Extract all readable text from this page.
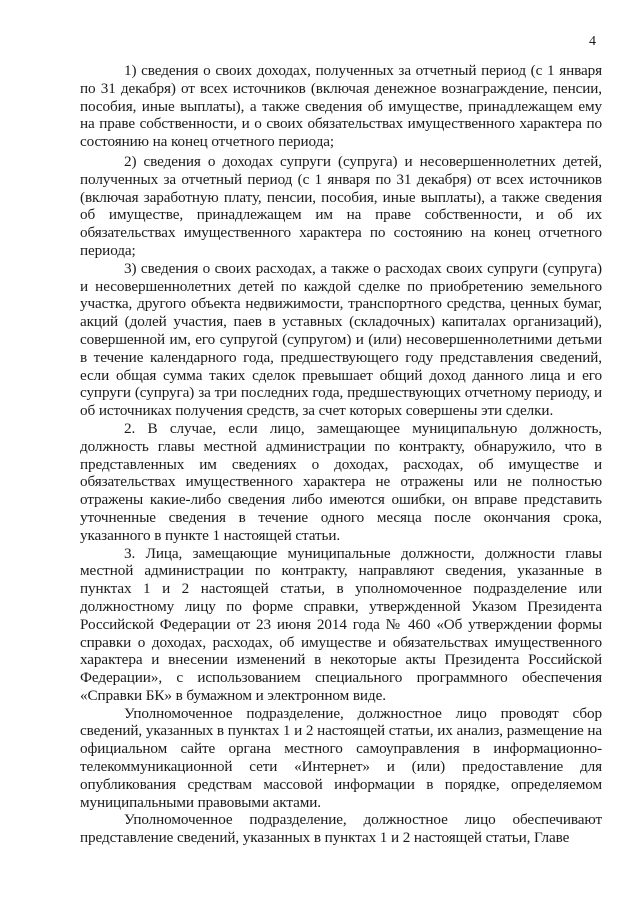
4

1) сведения о своих доходах, полученных за отчетный период (с 1 января по 31 декабря) от всех источников (включая денежное вознаграждение, пенсии, пособия, иные выплаты), а также сведения об имуществе, принадлежащем ему на праве собственности, и о своих обязательствах имущественного характера по состоянию на конец отчетного периода;

2) сведения о доходах супруги (супруга) и несовершеннолетних детей, полученных за отчетный период (с 1 января по 31 декабря) от всех источников (включая заработную плату, пенсии, пособия, иные выплаты), а также сведения об имуществе, принадлежащем им на праве собственности, и об их обязательствах имущественного характера по состоянию на конец отчетного периода;

3) сведения о своих расходах, а также о расходах своих супруги (супруга) и несовершеннолетних детей по каждой сделке по приобретению земельного участка, другого объекта недвижимости, транспортного средства, ценных бумаг, акций (долей участия, паев в уставных (складочных) капиталах организаций), совершенной им, его супругой (супругом) и (или) несовершеннолетними детьми в течение календарного года, предшествующего году представления сведений, если общая сумма таких сделок превышает общий доход данного лица и его супруги (супруга) за три последних года, предшествующих отчетному периоду, и об источниках получения средств, за счет которых совершены эти сделки.

2. В случае, если лицо, замещающее муниципальную должность, должность главы местной администрации по контракту, обнаружило, что в представленных им сведениях о доходах, расходах, об имуществе и обязательствах имущественного характера не отражены или не полностью отражены какие-либо сведения либо имеются ошибки, он вправе представить уточненные сведения в течение одного месяца после окончания срока, указанного в пункте 1 настоящей статьи.

3. Лица, замещающие муниципальные должности, должности главы местной администрации по контракту, направляют сведения, указанные в пунктах 1 и 2 настоящей статьи, в уполномоченное подразделение или должностному лицу по форме справки, утвержденной Указом Президента Российской Федерации от 23 июня 2014 года № 460 «Об утверждении формы справки о доходах, расходах, об имуществе и обязательствах имущественного характера и внесении изменений в некоторые акты Президента Российской Федерации», с использованием специального программного обеспечения «Справки БК» в бумажном и электронном виде.

Уполномоченное подразделение, должностное лицо проводят сбор сведений, указанных в пунктах 1 и 2 настоящей статьи, их анализ, размещение на официальном сайте органа местного самоуправления в информационно-телекоммуникационной сети «Интернет» и (или) предоставление для опубликования средствам массовой информации в порядке, определяемом муниципальными правовыми актами.

Уполномоченное подразделение, должностное лицо обеспечивают представление сведений, указанных в пунктах 1 и 2 настоящей статьи, Главе
